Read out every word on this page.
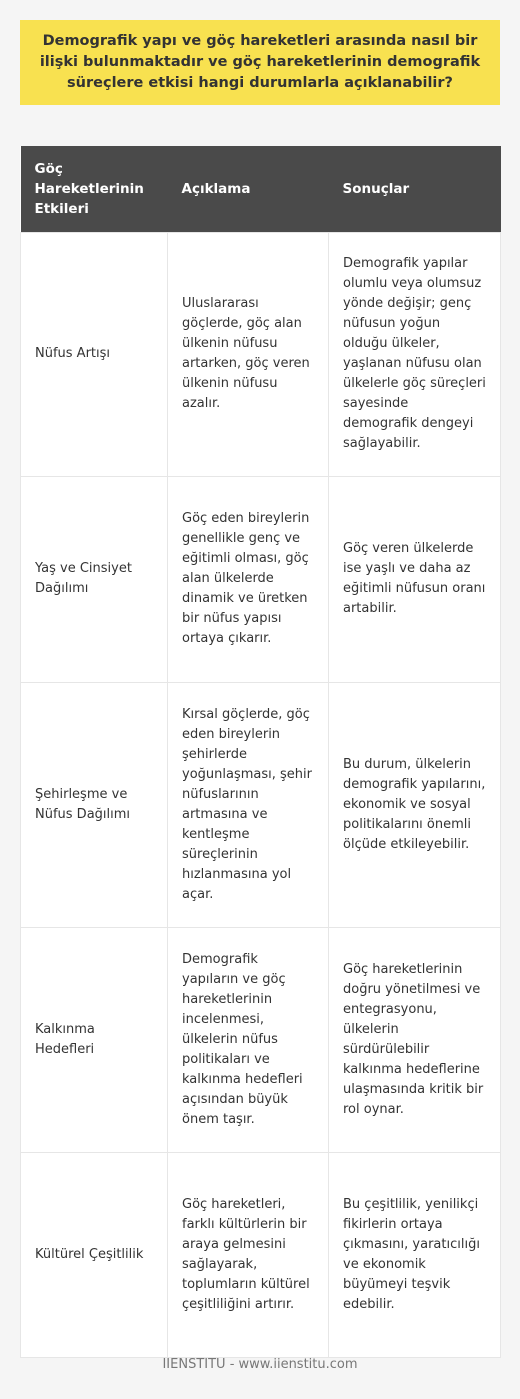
Demografik yapı ve göç hareketleri arasında nasıl bir ilişki bulunmaktadır ve göç hareketlerinin demografik süreçlere etkisi hangi durumlarla açıklanabilir?
Göç Hareketlerinin Etkileri	Açıklama	Sonuçlar
Nüfus Artışı	Uluslararası göçlerde, göç alan ülkenin nüfusu artarken, göç veren ülkenin nüfusu azalır.	Demografik yapılar olumlu veya olumsuz yönde değişir; genç nüfusun yoğun olduğu ülkeler, yaşlanan nüfusu olan ülkelerle göç süreçleri sayesinde demografik dengeyi sağlayabilir.
Yaş ve Cinsiyet Dağılımı	Göç eden bireylerin genellikle genç ve eğitimli olması, göç alan ülkelerde dinamik ve üretken bir nüfus yapısı ortaya çıkarır.	Göç veren ülkelerde ise yaşlı ve daha az eğitimli nüfusun oranı artabilir.
Şehirleşme ve Nüfus Dağılımı	Kırsal göçlerde, göç eden bireylerin şehirlerde yoğunlaşması, şehir nüfuslarının artmasına ve kentleşme süreçlerinin hızlanmasına yol açar.	Bu durum, ülkelerin demografik yapılarını, ekonomik ve sosyal politikalarını önemli ölçüde etkileyebilir.
Kalkınma Hedefleri	Demografik yapıların ve göç hareketlerinin incelenmesi, ülkelerin nüfus politikaları ve kalkınma hedefleri açısından büyük önem taşır.	Göç hareketlerinin doğru yönetilmesi ve entegrasyonu, ülkelerin sürdürülebilir kalkınma hedeflerine ulaşmasında kritik bir rol oynar.
Kültürel Çeşitlilik	Göç hareketleri, farklı kültürlerin bir araya gelmesini sağlayarak, toplumların kültürel çeşitliliğini artırır.	Bu çeşitlilik, yenilikçi fikirlerin ortaya çıkmasını, yaratıcılığı ve ekonomik büyümeyi teşvik edebilir.
IIENSTITU - www.iienstitu.com
